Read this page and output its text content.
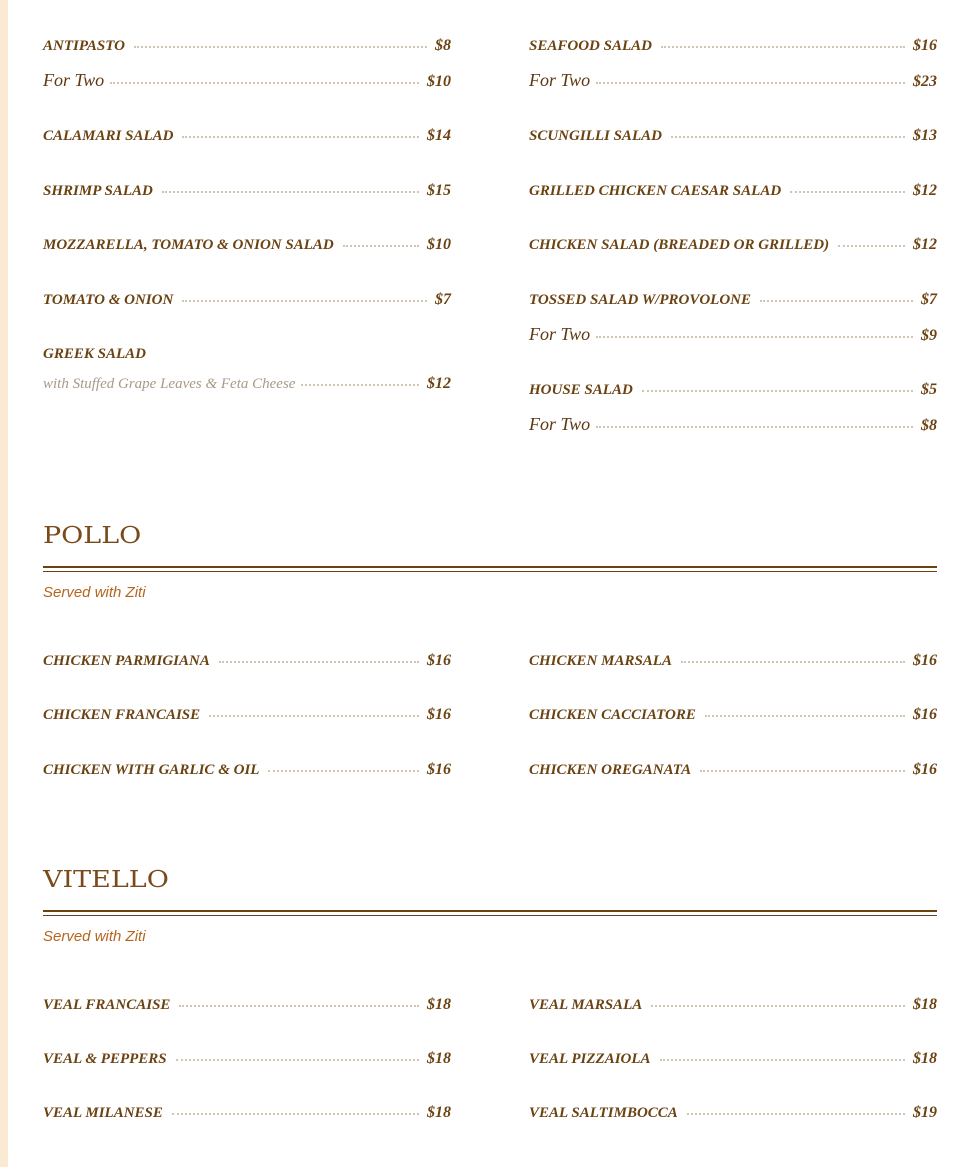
ANTIPASTO	$8
For Two	$10
CALAMARI SALAD	$14
SHRIMP SALAD	$15
MOZZARELLA, TOMATO & ONION SALAD	$10
TOMATO & ONION	$7
GREEK SALAD
with Stuffed Grape Leaves & Feta Cheese	$12
SEAFOOD SALAD	$16
For Two	$23
SCUNGILLI SALAD	$13
GRILLED CHICKEN CAESAR SALAD	$12
CHICKEN SALAD (BREADED OR GRILLED)	$12
TOSSED SALAD W/PROVOLONE	$7
For Two	$9
HOUSE SALAD	$5
For Two	$8
POLLO
Served with Ziti
CHICKEN PARMIGIANA	$16
CHICKEN FRANCAISE	$16
CHICKEN WITH GARLIC & OIL	$16
CHICKEN MARSALA	$16
CHICKEN CACCIATORE	$16
CHICKEN OREGANATA	$16
VITELLO
Served with Ziti
VEAL FRANCAISE	$18
VEAL & PEPPERS	$18
VEAL MILANESE	$18
VEAL MARSALA	$18
VEAL PIZZAIOLA	$18
VEAL SALTIMBOCCA	$19
